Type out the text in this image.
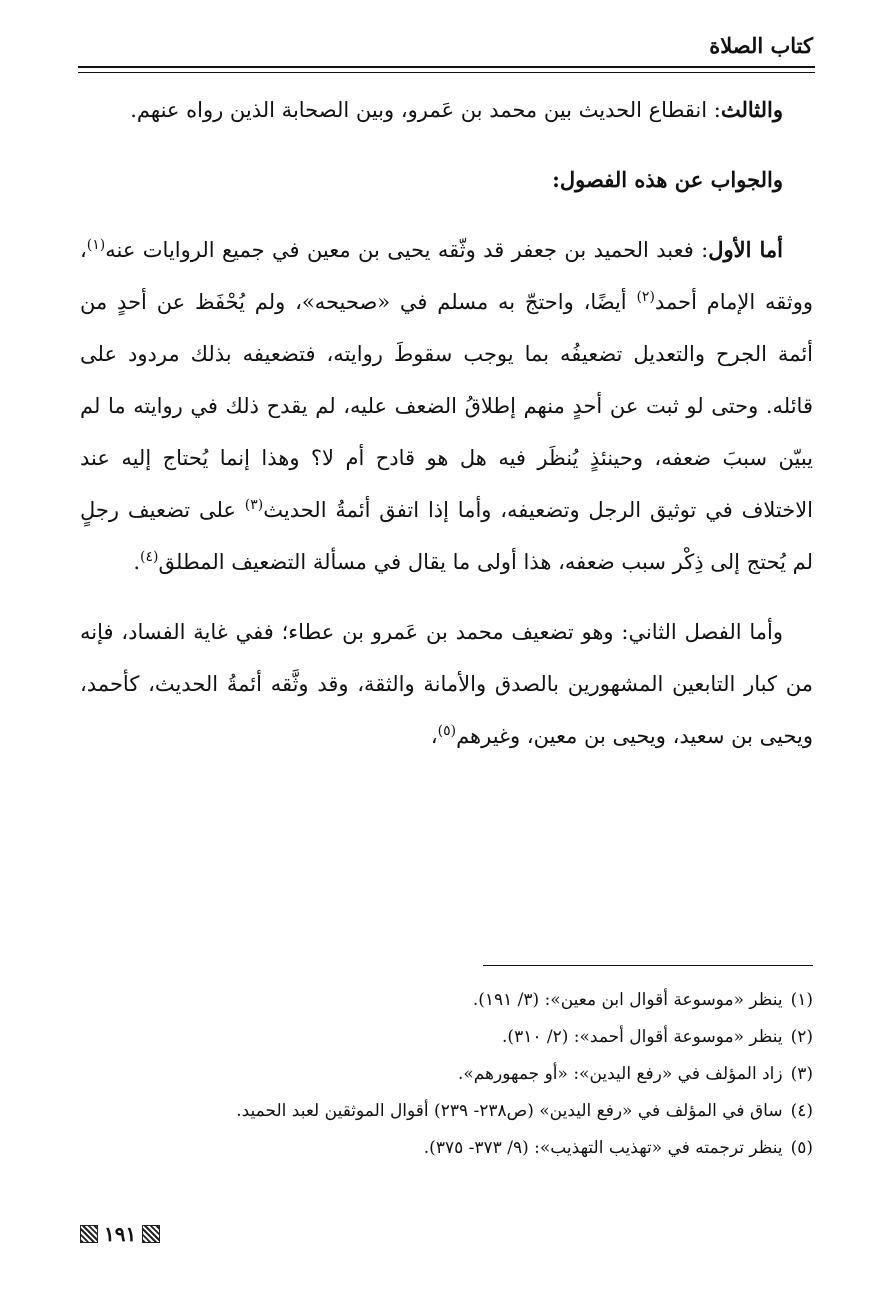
كتاب الصلاة

والثالث: انقطاع الحديث بين محمد بن عَمرو، وبين الصحابة الذين رواه عنهم.

والجواب عن هذه الفصول:

أما الأول: فعبد الحميد بن جعفر قد وثّقه يحيى بن معين في جميع الروايات عنه$^{(١)}$، ووثقه الإمام أحمد$^{(٢)}$ أيضًا، واحتجّ به مسلم في «صحيحه»، ولم يُحْفَظ عن أحدٍ من أئمة الجرح والتعديل تضعيفُه بما يوجب سقوطَ روايته، فتضعيفه بذلك مردود على قائله. وحتى لو ثبت عن أحدٍ منهم إطلاقُ الضعف عليه، لم يقدح ذلك في روايته ما لم يبيّن سببَ ضعفه، وحينئذٍ يُنظَر فيه هل هو قادح أم لا؟ وهذا إنما يُحتاج إليه عند الاختلاف في توثيق الرجل وتضعيفه، وأما إذا اتفق أئمةُ الحديث$^{(٣)}$ على تضعيف رجلٍ لم يُحتج إلى ذِكْر سبب ضعفه، هذا أولى ما يقال في مسألة التضعيف المطلق$^{(٤)}$.

وأما الفصل الثاني: وهو تضعيف محمد بن عَمرو بن عطاء؛ ففي غاية الفساد، فإنه من كبار التابعين المشهورين بالصدق والأمانة والثقة، وقد وثَّقه أئمةُ الحديث، كأحمد، ويحيى بن سعيد، ويحيى بن معين، وغيرهم$^{(٥)}$،

(١)ينظر «موسوعة أقوال ابن معين»: (٣/ ١٩١).
(٢)ينظر «موسوعة أقوال أحمد»: (٢/ ٣١٠).
(٣)زاد المؤلف في «رفع اليدين»: «أو جمهورهم».
(٤)ساق في المؤلف في «رفع اليدين» (ص٢٣٨- ٢٣٩) أقوال الموثقين لعبد الحميد.
(٥)ينظر ترجمته في «تهذيب التهذيب»: (٩/ ٣٧٣- ٣٧٥).
١٩١
